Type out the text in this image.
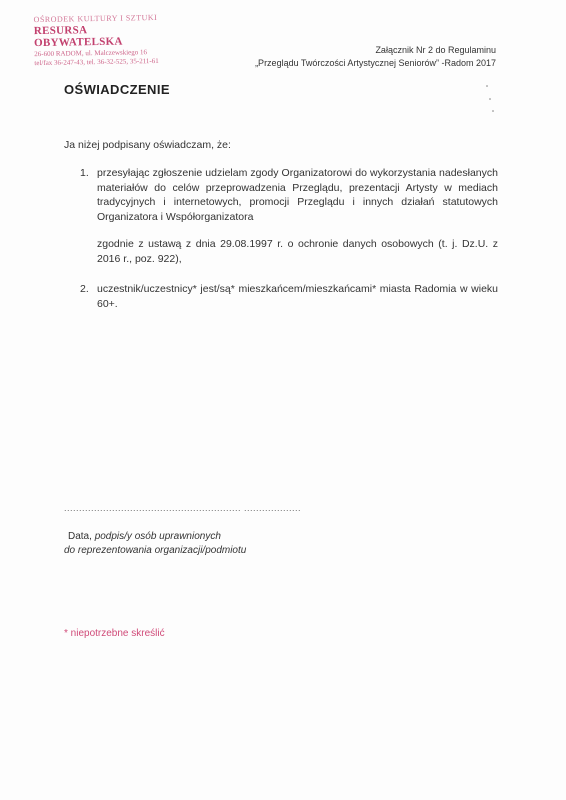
OŚRODEK KULTURY I SZTUKI
RESURSA OBYWATELSKA
26-600 RADOM, ul. Malczewskiego 16
tel/fax 36-247-43, tel. 36-32-525, 35-211-61
Załącznik Nr 2 do Regulaminu
„Przeglądu Twórczości Artystycznej Seniorów” -Radom 2017
OŚWIADCZENIE
Ja niżej podpisany oświadczam, że:
1. przesyłając zgłoszenie udzielam zgody Organizatorowi do wykorzystania nadesłanych materiałów do celów przeprowadzenia Przeglądu, prezentacji Artysty w mediach tradycyjnych i internetowych, promocji Przeglądu i innych działań statutowych Organizatora i Współorganizatora

zgodnie z ustawą z dnia 29.08.1997 r. o ochronie danych osobowych (t. j. Dz.U. z 2016 r., poz. 922),

2. uczestnik/uczestnicy* jest/są* mieszkańcem/mieszkańcami* miasta Radomia w wieku 60+.

........................................................... ...................
Data, podpis/y osób uprawnionych
do reprezentowania organizacji/podmiotu
* niepotrzebne skreślić
